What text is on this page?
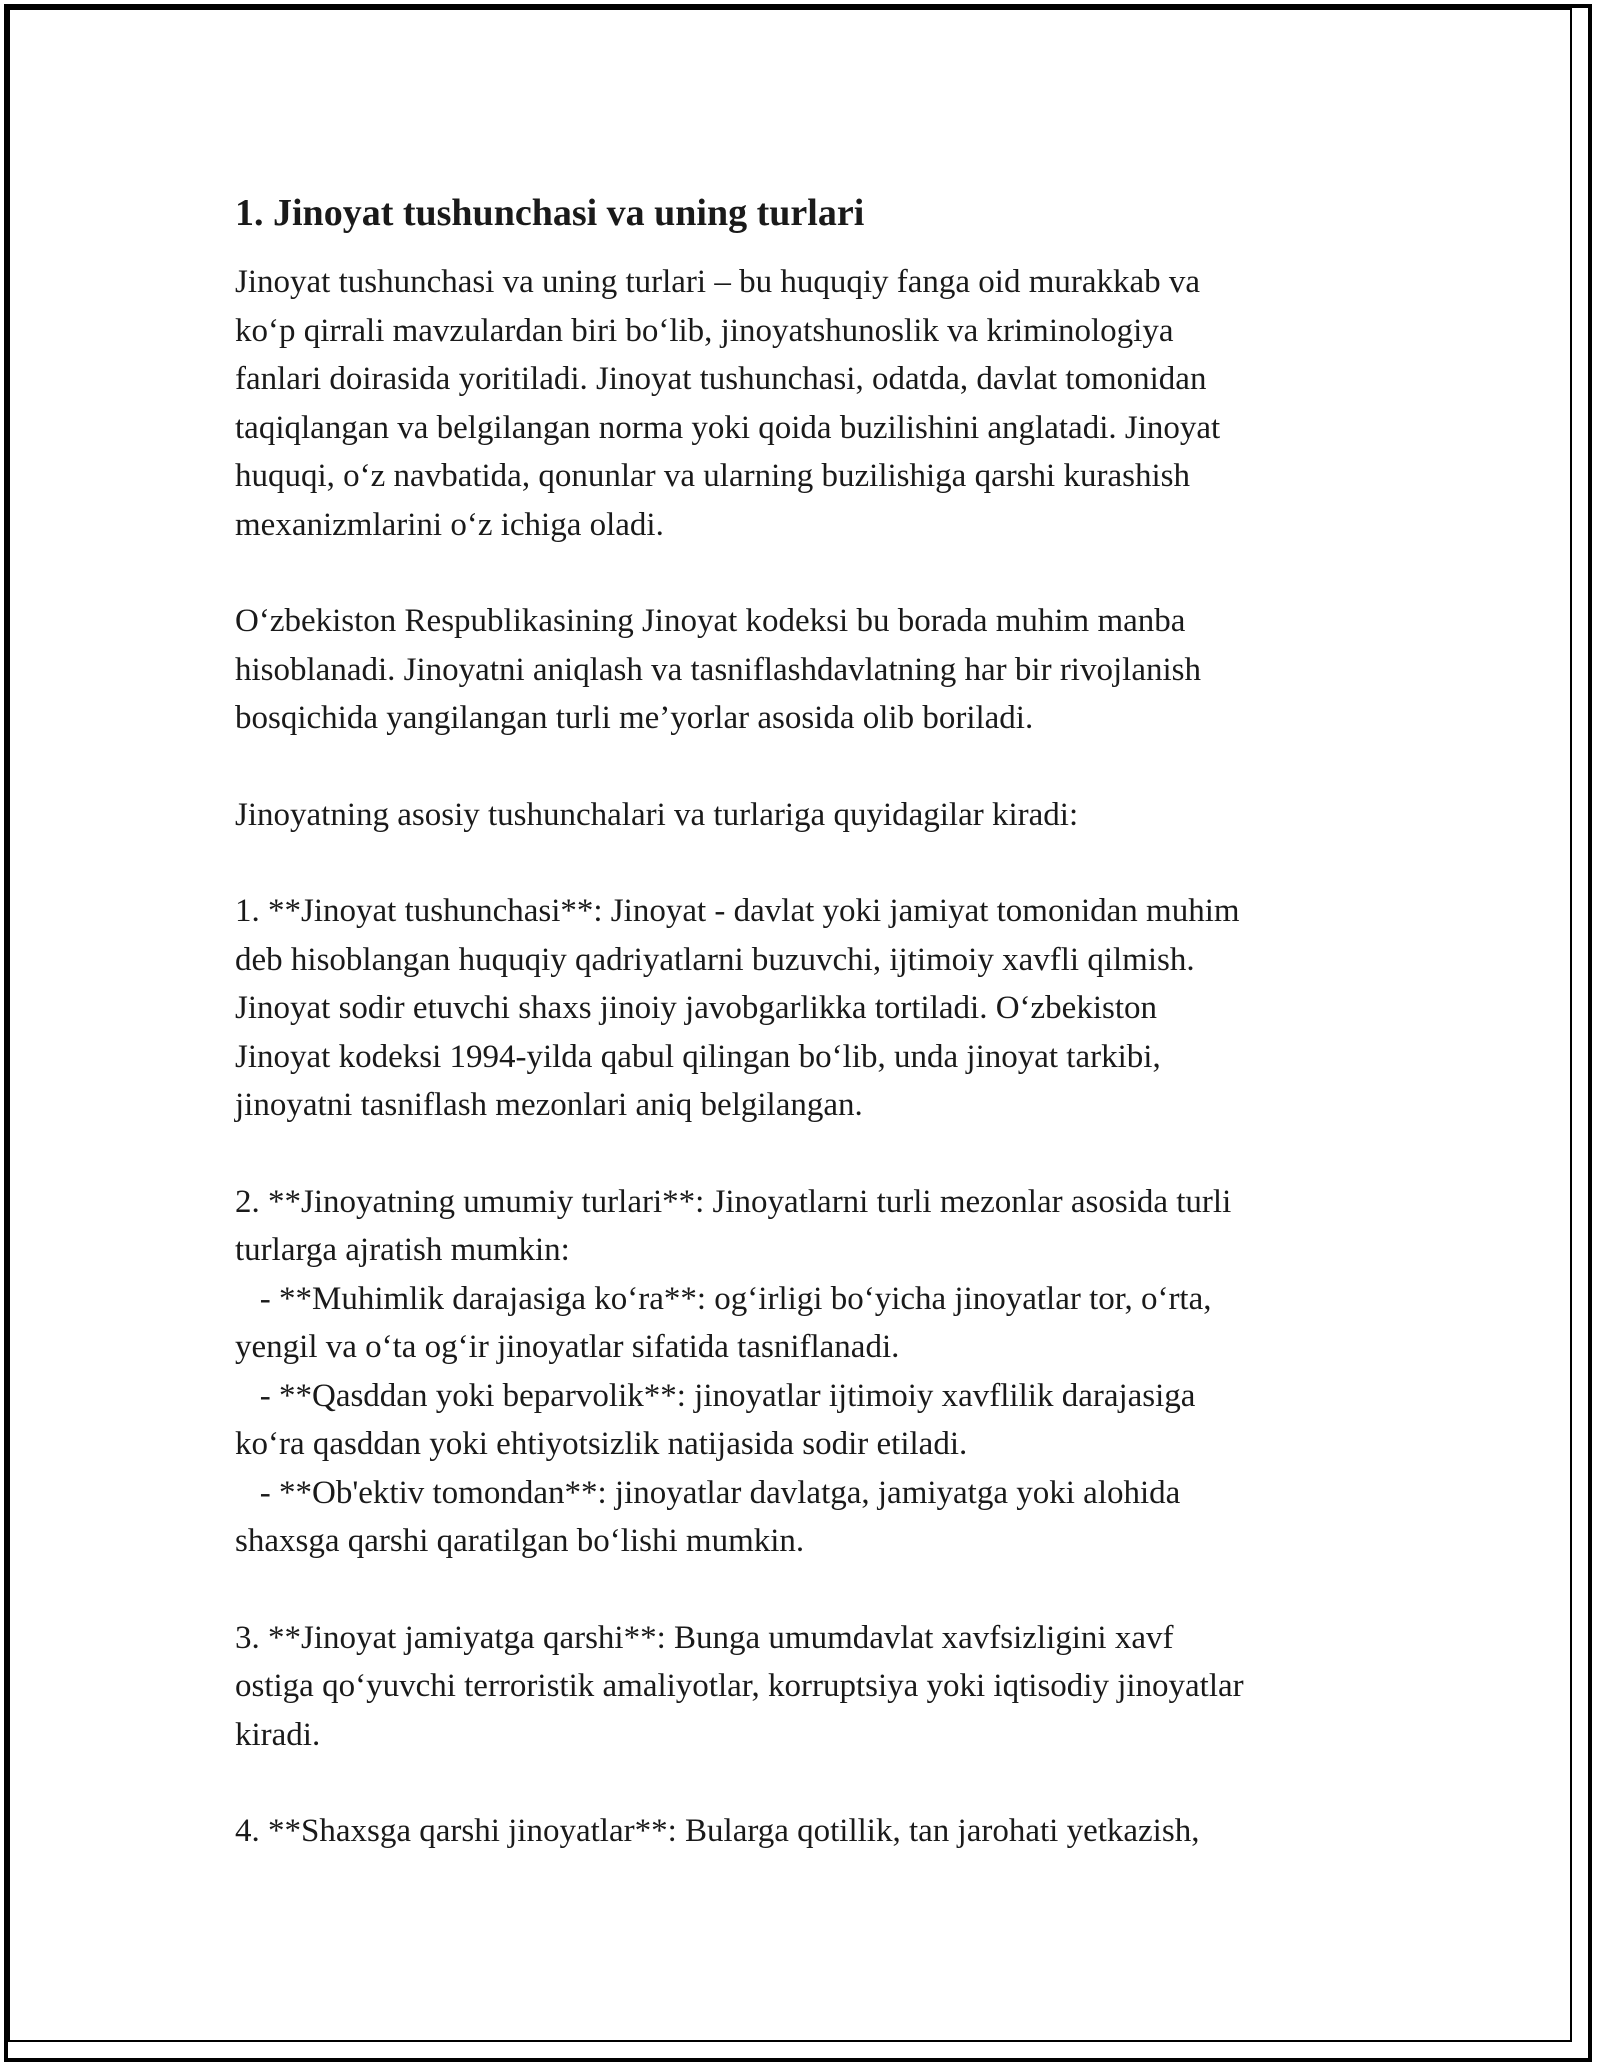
1. Jinoyat tushunchasi va uning turlari
Jinoyat tushunchasi va uning turlari – bu huquqiy fanga oid murakkab va
koʻp qirrali mavzulardan biri boʻlib, jinoyatshunoslik va kriminologiya
fanlari doirasida yoritiladi. Jinoyat tushunchasi, odatda, davlat tomonidan
taqiqlangan va belgilangan norma yoki qoida buzilishini anglatadi. Jinoyat
huquqi, oʻz navbatida, qonunlar va ularning buzilishiga qarshi kurashish
mexanizmlarini oʻz ichiga oladi.
Oʻzbekiston Respublikasining Jinoyat kodeksi bu borada muhim manba
hisoblanadi. Jinoyatni aniqlash va tasniflashdavlatning har bir rivojlanish
bosqichida yangilangan turli me’yorlar asosida olib boriladi.
Jinoyatning asosiy tushunchalari va turlariga quyidagilar kiradi:
1. **Jinoyat tushunchasi**: Jinoyat - davlat yoki jamiyat tomonidan muhim
deb hisoblangan huquqiy qadriyatlarni buzuvchi, ijtimoiy xavfli qilmish.
Jinoyat sodir etuvchi shaxs jinoiy javobgarlikka tortiladi. Oʻzbekiston
Jinoyat kodeksi 1994-yilda qabul qilingan boʻlib, unda jinoyat tarkibi,
jinoyatni tasniflash mezonlari aniq belgilangan.
2. **Jinoyatning umumiy turlari**: Jinoyatlarni turli mezonlar asosida turli
turlarga ajratish mumkin:
- **Muhimlik darajasiga koʻra**: ogʻirligi boʻyicha jinoyatlar tor, oʻrta,
yengil va oʻta ogʻir jinoyatlar sifatida tasniflanadi.
- **Qasddan yoki beparvolik**: jinoyatlar ijtimoiy xavflilik darajasiga
koʻra qasddan yoki ehtiyotsizlik natijasida sodir etiladi.
- **Ob'ektiv tomondan**: jinoyatlar davlatga, jamiyatga yoki alohida
shaxsga qarshi qaratilgan boʻlishi mumkin.
3. **Jinoyat jamiyatga qarshi**: Bunga umumdavlat xavfsizligini xavf
ostiga qoʻyuvchi terroristik amaliyotlar, korruptsiya yoki iqtisodiy jinoyatlar
kiradi.
4. **Shaxsga qarshi jinoyatlar**: Bularga qotillik, tan jarohati yetkazish,
